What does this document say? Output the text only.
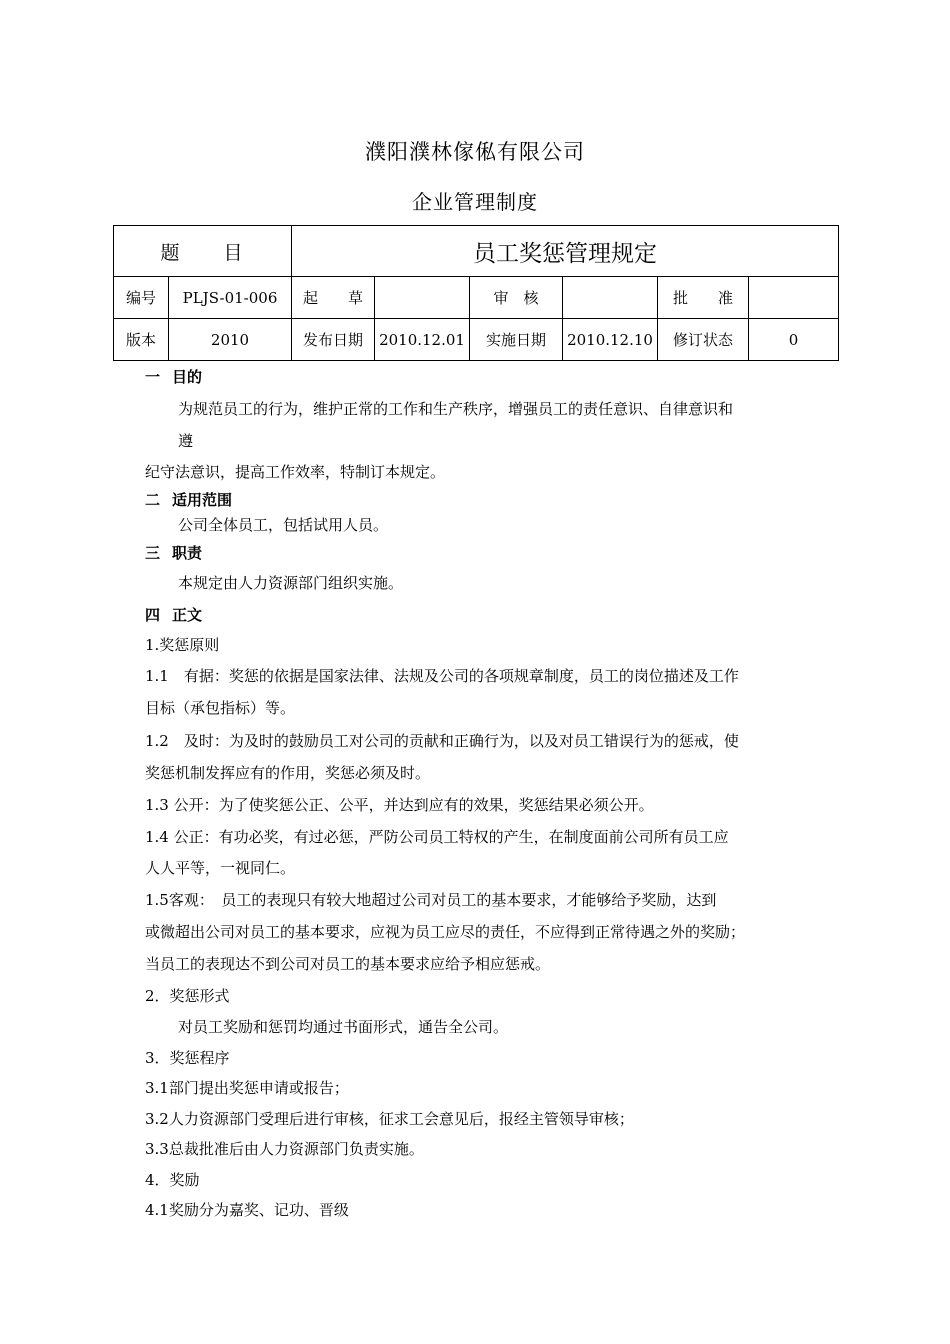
濮阳濮林傢俬有限公司
企业管理制度
题　　目		员工奖惩管理规定					
编号	PLJS-01-006	起　　草		审　核		批　　准	
版本	2010	发布日期	2010.12.01	实施日期	2010.12.10	修订状态	0
一 目的
为规范员工的行为，维护正常的工作和生产秩序，增强员工的责任意识、自律意识和
遵
纪守法意识，提高工作效率，特制订本规定。
二 适用范围
公司全体员工，包括试用人员。
三 职责
本规定由人力资源部门组织实施。
四 正文
1.奖惩原则
1.1　有据：奖惩的依据是国家法律、法规及公司的各项规章制度，员工的岗位描述及工作
目标（承包指标）等。
1.2　及时：为及时的鼓励员工对公司的贡献和正确行为，以及对员工错误行为的惩戒，使
奖惩机制发挥应有的作用，奖惩必须及时。
1.3 公开：为了使奖惩公正、公平，并达到应有的效果，奖惩结果必须公开。
1.4 公正：有功必奖，有过必惩，严防公司员工特权的产生，在制度面前公司所有员工应
人人平等，一视同仁。
1.5客观：　员工的表现只有较大地超过公司对员工的基本要求，才能够给予奖励，达到
或微超出公司对员工的基本要求，应视为员工应尽的责任，不应得到正常待遇之外的奖励；
当员工的表现达不到公司对员工的基本要求应给予相应惩戒。
2．奖惩形式
对员工奖励和惩罚均通过书面形式，通告全公司。
3．奖惩程序
3.1部门提出奖惩申请或报告；
3.2人力资源部门受理后进行审核，征求工会意见后，报经主管领导审核；
3.3总裁批准后由人力资源部门负责实施。
4．奖励
4.1奖励分为嘉奖、记功、晋级
